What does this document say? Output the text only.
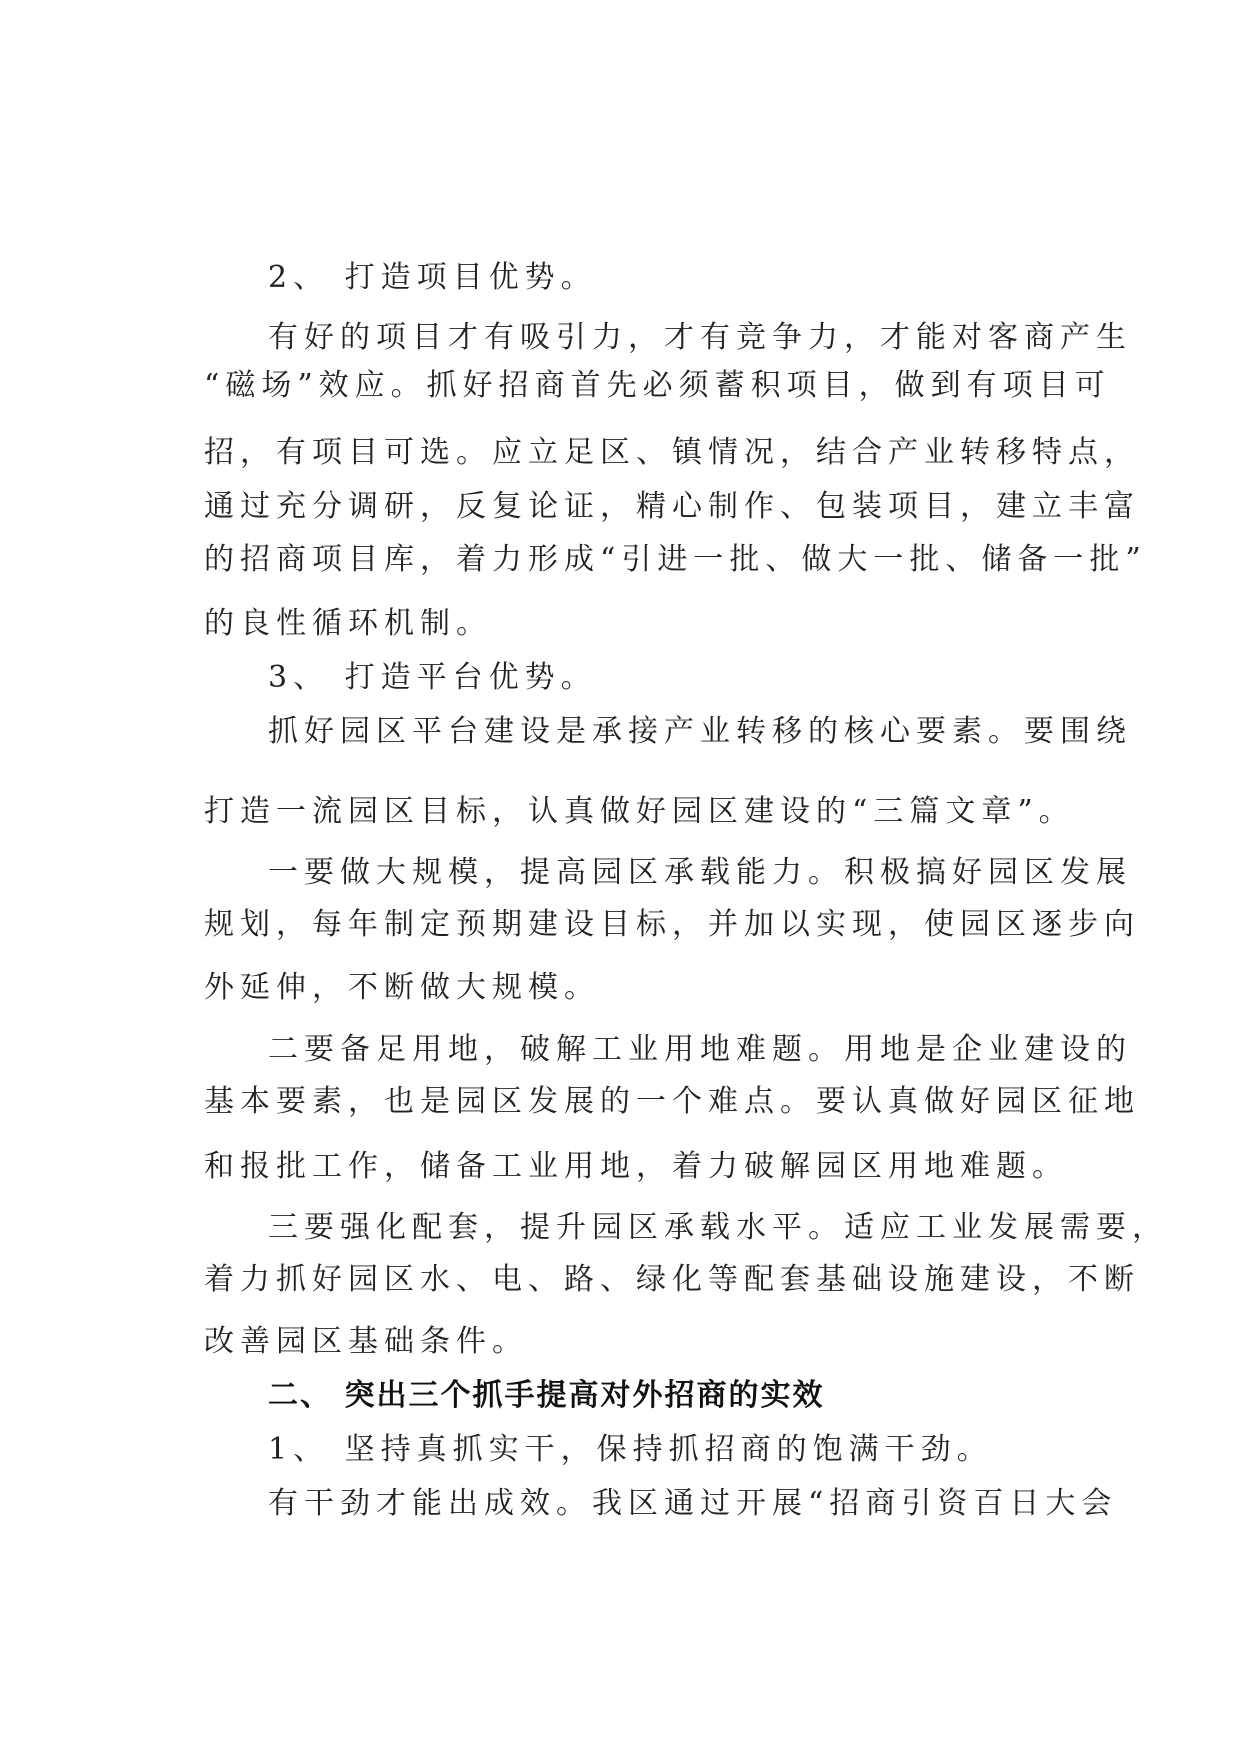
2、 打造项目优势。
有好的项目才有吸引力，才有竞争力，才能对客商产生
“磁场”效应。抓好招商首先必须蓄积项目，做到有项目可
招，有项目可选。应立足区、镇情况，结合产业转移特点，
通过充分调研，反复论证，精心制作、包装项目，建立丰富
的招商项目库，着力形成“引进一批、做大一批、储备一批”
的良性循环机制。
3、 打造平台优势。
抓好园区平台建设是承接产业转移的核心要素。要围绕
打造一流园区目标，认真做好园区建设的“三篇文章”。
一要做大规模，提高园区承载能力。积极搞好园区发展
规划，每年制定预期建设目标，并加以实现，使园区逐步向
外延伸，不断做大规模。
二要备足用地，破解工业用地难题。用地是企业建设的
基本要素，也是园区发展的一个难点。要认真做好园区征地
和报批工作，储备工业用地，着力破解园区用地难题。
三要强化配套，提升园区承载水平。适应工业发展需要，
着力抓好园区水、电、路、绿化等配套基础设施建设，不断
改善园区基础条件。
二、 突出三个抓手提高对外招商的实效
1、 坚持真抓实干，保持抓招商的饱满干劲。
有干劲才能出成效。我区通过开展“招商引资百日大会
